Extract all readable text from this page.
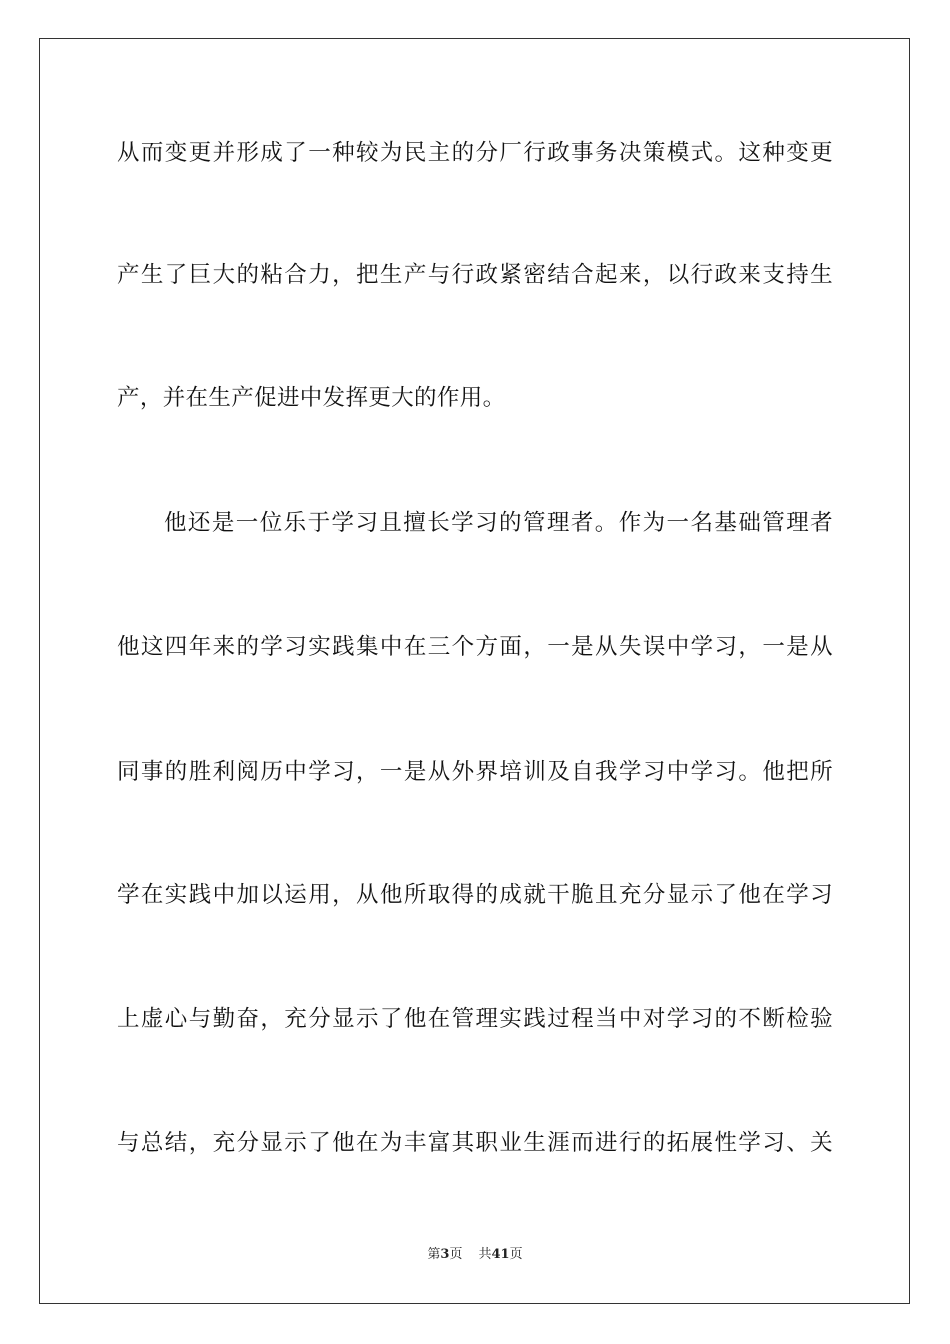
从而变更并形成了一种较为民主的分厂行政事务决策模式。这种变更
产生了巨大的粘合力，把生产与行政紧密结合起来，以行政来支持生
产，并在生产促进中发挥更大的作用。
他还是一位乐于学习且擅长学习的管理者。作为一名基础管理者
他这四年来的学习实践集中在三个方面，一是从失误中学习，一是从
同事的胜利阅历中学习，一是从外界培训及自我学习中学习。他把所
学在实践中加以运用，从他所取得的成就干脆且充分显示了他在学习
上虚心与勤奋，充分显示了他在管理实践过程当中对学习的不断检验
与总结，充分显示了他在为丰富其职业生涯而进行的拓展性学习、关
第3页 共41页
